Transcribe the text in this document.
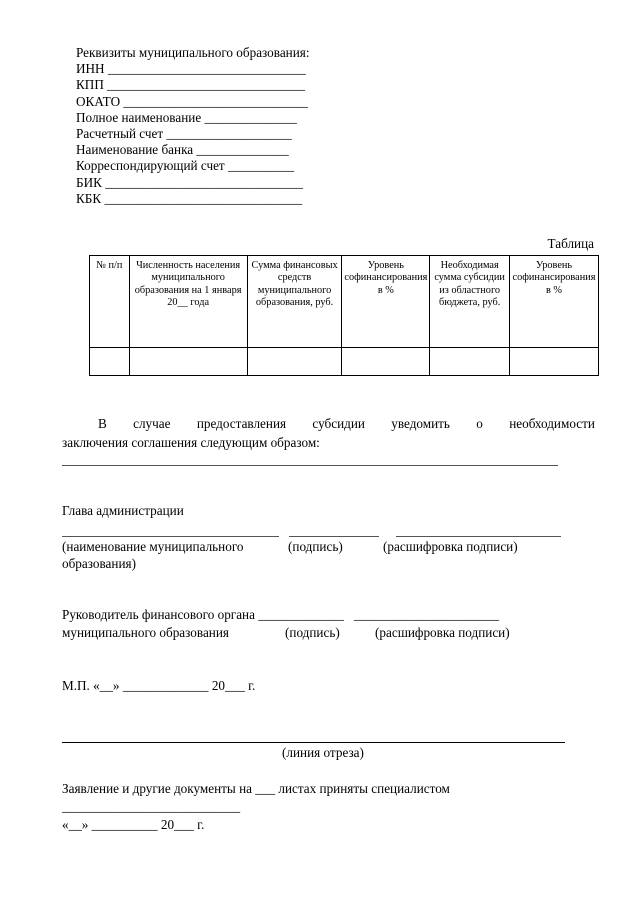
Реквизиты муниципального образования:
ИНН ______________________________
КПП ______________________________
ОКАТО ____________________________
Полное наименование ______________
Расчетный счет ___________________
Наименование банка ______________
Корреспондирующий счет __________
БИК ______________________________
КБК ______________________________
Таблица
№ п/п	Численность населения муниципального образования на 1 января 20__ года	Сумма финансовых средств муниципального образования, руб.	Уровень софинансирования в %	Необходимая сумма субсидии из областного бюджета, руб.	Уровень софинансирования в %

В случае предоставления субсидии уведомить о необходимости
заключения соглашения следующим образом:
Глава администрации
(наименование муниципального	(подпись)	(расшифровка подписи)
образования)
Руководитель финансового органа _____________   ______________________
муниципального образования	(подпись)	(расшифровка подписи)
М.П. «__» _____________ 20___ г.
(линия отреза)
Заявление и другие документы на ___ листах приняты специалистом
___________________________
«__» __________ 20___ г.
